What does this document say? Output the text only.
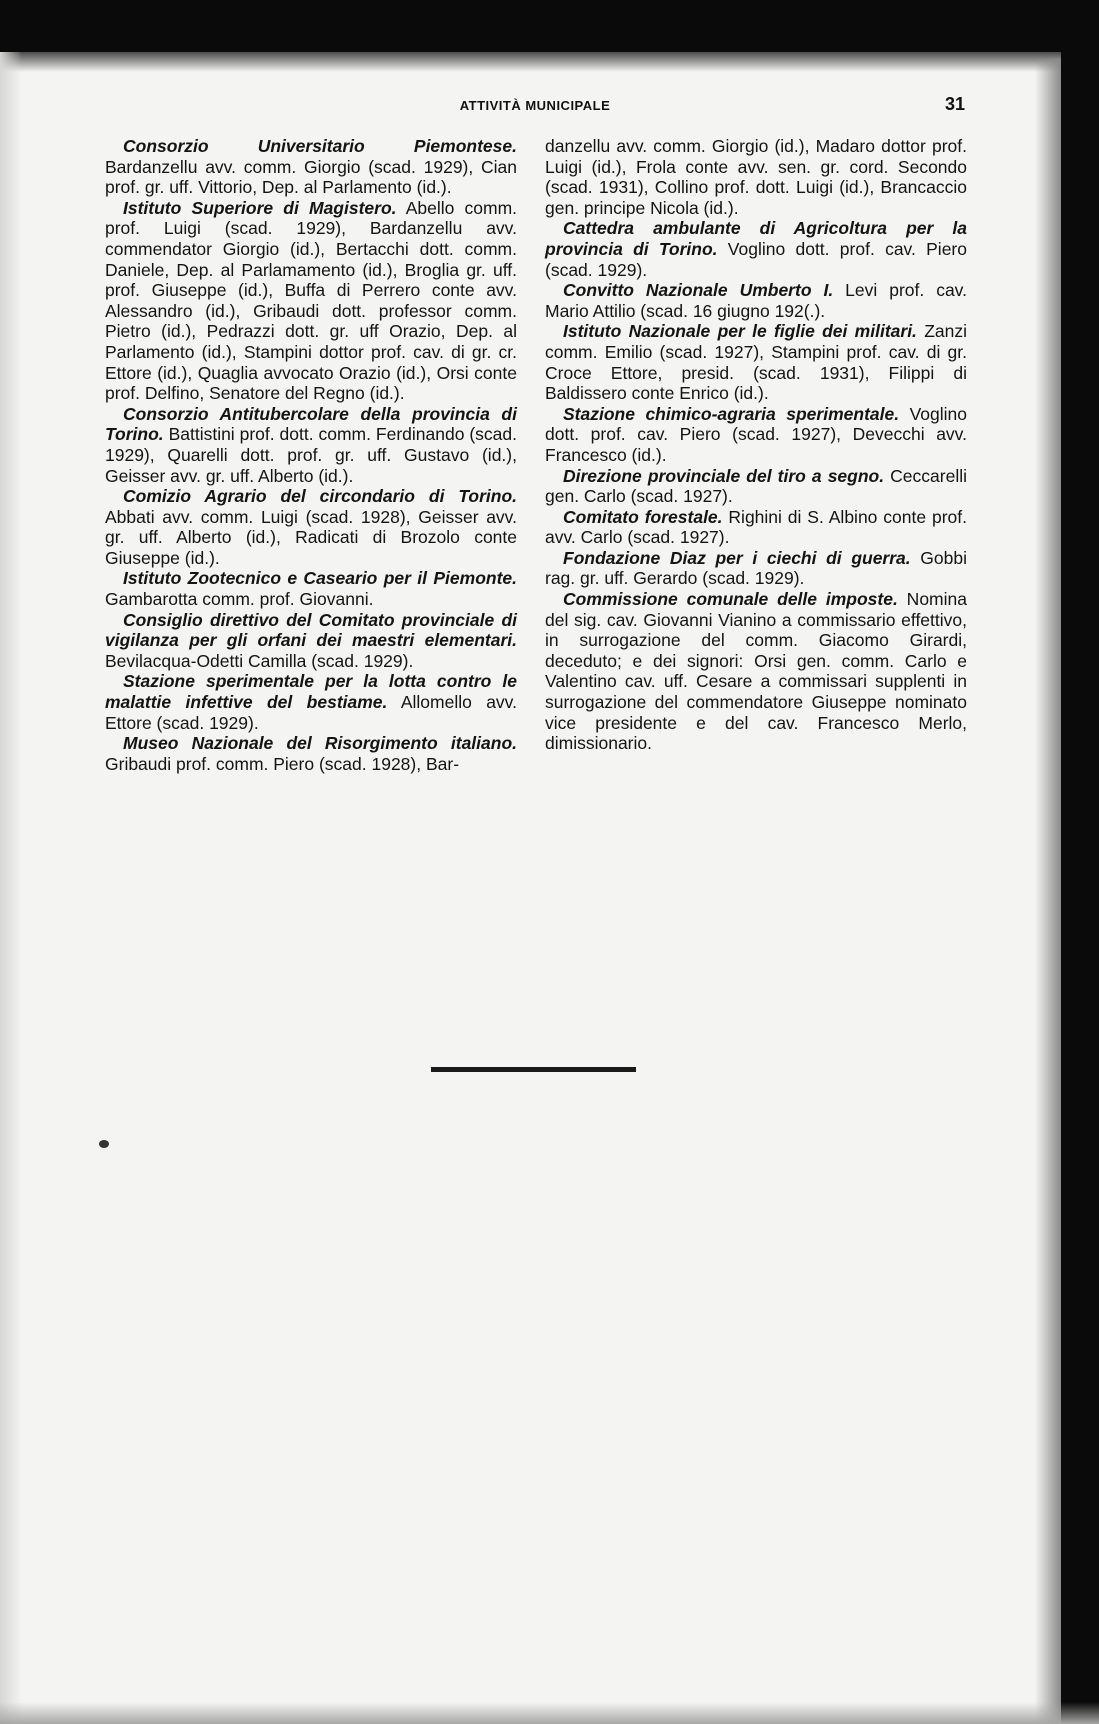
ATTIVITÀ MUNICIPALE	31

Consorzio Universitario Piemontese. Bardanzellu avv. comm. Giorgio (scad. 1929), Cian prof. gr. uff. Vittorio, Dep. al Parlamento (id.).

Istituto Superiore di Magistero. Abello comm. prof. Luigi (scad. 1929), Bardanzellu avv. commendator Giorgio (id.), Bertacchi dott. comm. Daniele, Dep. al Parlamamento (id.), Broglia gr. uff. prof. Giuseppe (id.), Buffa di Perrero conte avv. Alessandro (id.), Gribaudi dott. professor comm. Pietro (id.), Pedrazzi dott. gr. uff Orazio, Dep. al Parlamento (id.), Stampini dottor prof. cav. di gr. cr. Ettore (id.), Quaglia avvocato Orazio (id.), Orsi conte prof. Delfino, Senatore del Regno (id.).

Consorzio Antitubercolare della provincia di Torino. Battistini prof. dott. comm. Ferdinando (scad. 1929), Quarelli dott. prof. gr. uff. Gustavo (id.), Geisser avv. gr. uff. Alberto (id.).

Comizio Agrario del circondario di Torino. Abbati avv. comm. Luigi (scad. 1928), Geisser avv. gr. uff. Alberto (id.), Radicati di Brozolo conte Giuseppe (id.).

Istituto Zootecnico e Caseario per il Piemonte. Gambarotta comm. prof. Giovanni.

Consiglio direttivo del Comitato provinciale di vigilanza per gli orfani dei maestri elementari. Bevilacqua-Odetti Camilla (scad. 1929).

Stazione sperimentale per la lotta contro le malattie infettive del bestiame. Allomello avv. Ettore (scad. 1929).

Museo Nazionale del Risorgimento italiano. Gribaudi prof. comm. Piero (scad. 1928), Bar-

danzellu avv. comm. Giorgio (id.), Madaro dottor prof. Luigi (id.), Frola conte avv. sen. gr. cord. Secondo (scad. 1931), Collino prof. dott. Luigi (id.), Brancaccio gen. principe Nicola (id.).

Cattedra ambulante di Agricoltura per la provincia di Torino. Voglino dott. prof. cav. Piero (scad. 1929).

Convitto Nazionale Umberto I. Levi prof. cav. Mario Attilio (scad. 16 giugno 192(.).

Istituto Nazionale per le figlie dei militari. Zanzi comm. Emilio (scad. 1927), Stampini prof. cav. di gr. Croce Ettore, presid. (scad. 1931), Filippi di Baldissero conte Enrico (id.).

Stazione chimico-agraria sperimentale. Voglino dott. prof. cav. Piero (scad. 1927), Devecchi avv. Francesco (id.).

Direzione provinciale del tiro a segno. Ceccarelli gen. Carlo (scad. 1927).

Comitato forestale. Righini di S. Albino conte prof. avv. Carlo (scad. 1927).

Fondazione Diaz per i ciechi di guerra. Gobbi rag. gr. uff. Gerardo (scad. 1929).

Commissione comunale delle imposte. Nomina del sig. cav. Giovanni Vianino a commissario effettivo, in surrogazione del comm. Giacomo Girardi, deceduto; e dei signori: Orsi gen. comm. Carlo e Valentino cav. uff. Cesare a commissari supplenti in surrogazione del commendatore Giuseppe nominato vice presidente e del cav. Francesco Merlo, dimissionario.
